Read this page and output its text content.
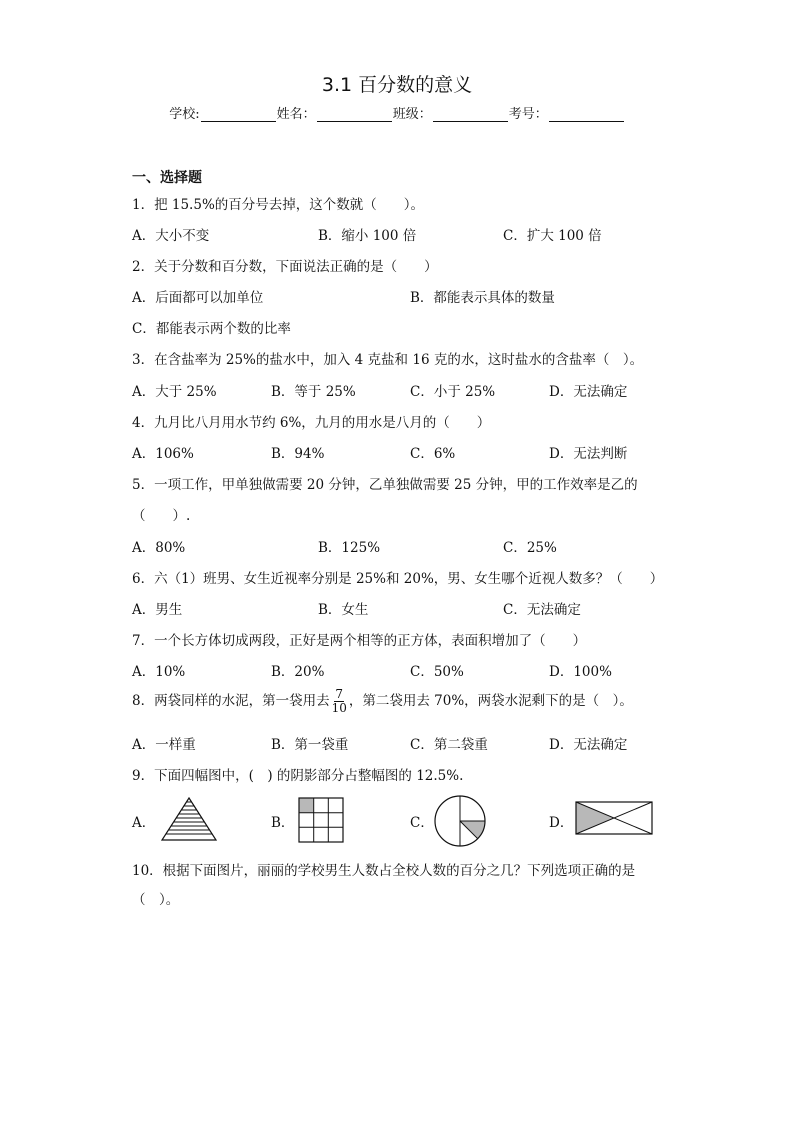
3.1 百分数的意义
学校:	姓名：	班级：	考号：
一、选择题
1．把 15.5%的百分号去掉，这个数就（　　）。
A．大小不变	B．缩小 100 倍	C．扩大 100 倍
2．关于分数和百分数，下面说法正确的是（　　）
A．后面都可以加单位	B．都能表示具体的数量
C．都能表示两个数的比率
3．在含盐率为 25%的盐水中，加入 4 克盐和 16 克的水，这时盐水的含盐率（　）。
A．大于 25%	B．等于 25%	C．小于 25%	D．无法确定
4．九月比八月用水节约 6%，九月的用水是八月的（　　）
A．106%	B．94%	C．6%	D．无法判断
5．一项工作，甲单独做需要 20 分钟，乙单独做需要 25 分钟，甲的工作效率是乙的
（　　）.
A．80%	B．125%	C．25%
6．六（1）班男、女生近视率分别是 25%和 20%，男、女生哪个近视人数多？（　　）
A．男生	B．女生	C．无法确定
7．一个长方体切成两段，正好是两个相等的正方体，表面积增加了（　　）
A．10%	B．20%	C．50%	D．100%
8．两袋同样的水泥，第一袋用去 $\frac{7}{10}$ ，第二袋用去 70%，两袋水泥剩下的是（　）。
A．一样重	B．第一袋重	C．第二袋重	D．无法确定
9．下面四幅图中，(　) 的阴影部分占整幅图的 12.5%.
A．	B．	C．	D．
10．根据下面图片，丽丽的学校男生人数占全校人数的百分之几？下列选项正确的是
（　）。
